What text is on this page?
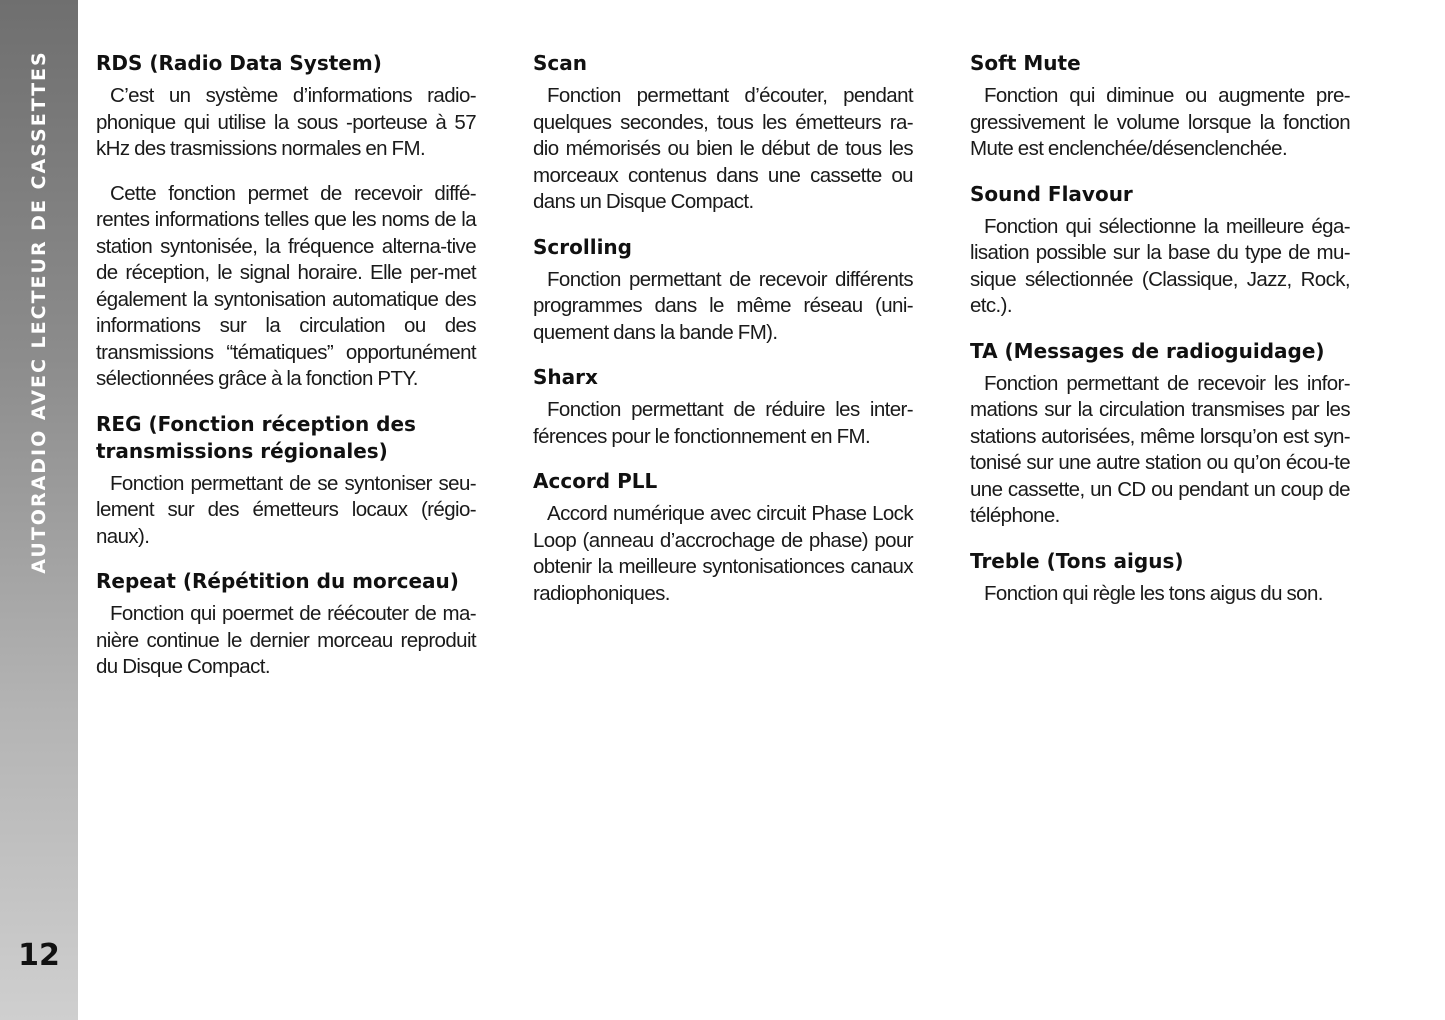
AUTORADIO AVEC LECTEUR DE CASSETTES
12
RDS (Radio Data System)

C’est un système d’informations radio-phonique qui utilise la sous -porteuse à 57 kHz des trasmissions normales en FM.

Cette fonction permet de recevoir diffé-rentes informations telles que les noms de la station syntonisée, la fréquence alterna-tive de réception, le signal horaire. Elle per-met également la syntonisation automatique des informations sur la circulation ou des transmissions “tématiques” opportunément sélectionnées grâce à la fonction PTY.

REG (Fonction réception des transmissions régionales)

Fonction permettant de se syntoniser seu-lement sur des émetteurs locaux (régio-naux).

Repeat (Répétition du morceau)

Fonction qui poermet de réécouter de ma-nière continue le dernier morceau reproduit du Disque Compact.

Scan

Fonction permettant d’écouter, pendant quelques secondes, tous les émetteurs ra-dio mémorisés ou bien le début de tous les morceaux contenus dans une cassette ou dans un Disque Compact.

Scrolling

Fonction permettant de recevoir différents programmes dans le même réseau (uni-quement dans la bande FM).

Sharx

Fonction permettant de réduire les inter-férences pour le fonctionnement en FM.

Accord PLL

Accord numérique avec circuit Phase Lock Loop (anneau d’accrochage de phase) pour obtenir la meilleure syntonisationces canaux radiophoniques.

Soft Mute

Fonction qui diminue ou augmente pre-gressivement le volume lorsque la fonction Mute est enclenchée/désenclenchée.

Sound Flavour

Fonction qui sélectionne la meilleure éga-lisation possible sur la base du type de mu-sique sélectionnée (Classique, Jazz, Rock, etc.).

TA (Messages de radioguidage)

Fonction permettant de recevoir les infor-mations sur la circulation transmises par les stations autorisées, même lorsqu’on est syn-tonisé sur une autre station ou qu’on écou-te une cassette, un CD ou pendant un coup de téléphone.

Treble (Tons aigus)

Fonction qui règle les tons aigus du son.
